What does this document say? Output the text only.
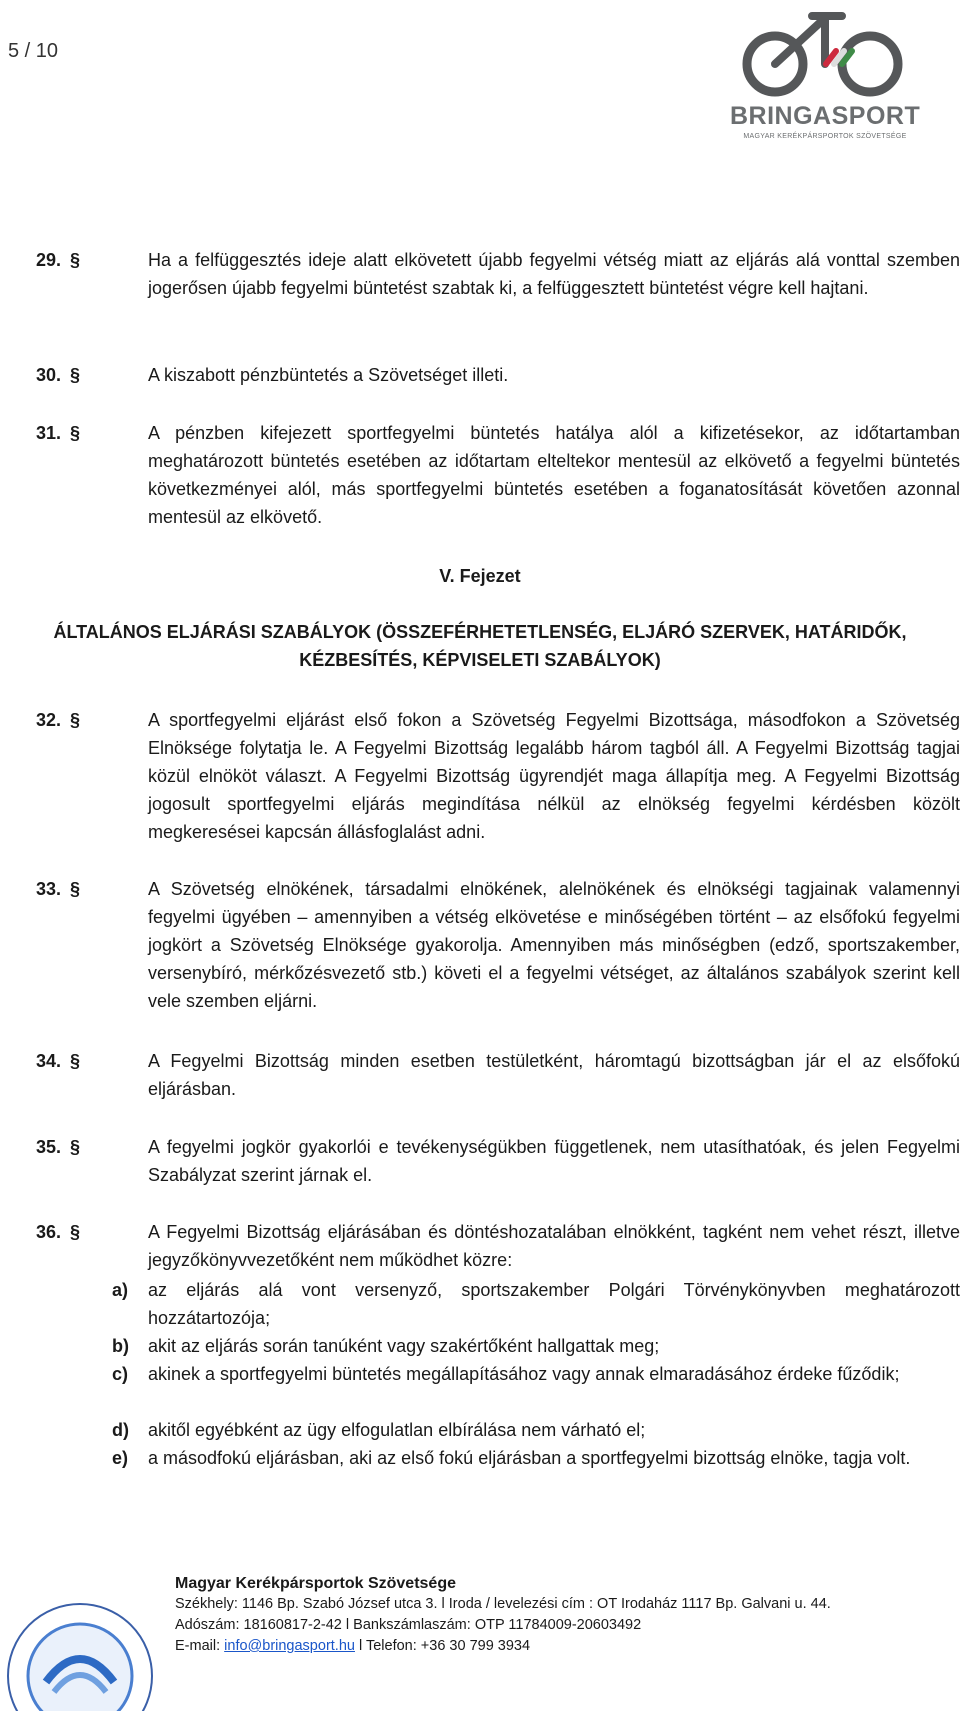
5 / 10
BRINGASPORT
MAGYAR KERÉKPÁRSPORTOK SZÖVETSÉGE
29. §	Ha a felfüggesztés ideje alatt elkövetett újabb fegyelmi vétség miatt az eljárás alá vonttal szemben jogerősen újabb fegyelmi büntetést szabtak ki, a felfüggesztett büntetést végre kell hajtani.
30. §	A kiszabott pénzbüntetés a Szövetséget illeti.
31. §	A pénzben kifejezett sportfegyelmi büntetés hatálya alól a kifizetésekor, az időtartamban meghatározott büntetés esetében az időtartam elteltekor mentesül az elkövető a fegyelmi büntetés következményei alól, más sportfegyelmi büntetés esetében a foganatosítását követően azonnal mentesül az elkövető.
V. Fejezet
ÁLTALÁNOS ELJÁRÁSI SZABÁLYOK (ÖSSZEFÉRHETETLENSÉG, ELJÁRÓ SZERVEK, HATÁRIDŐK,
KÉZBESÍTÉS, KÉPVISELETI SZABÁLYOK)
32. §	A sportfegyelmi eljárást első fokon a Szövetség Fegyelmi Bizottsága, másodfokon a Szövetség Elnöksége folytatja le. A Fegyelmi Bizottság legalább három tagból áll. A Fegyelmi Bizottság tagjai közül elnököt választ. A Fegyelmi Bizottság ügyrendjét maga állapítja meg. A Fegyelmi Bizottság jogosult sportfegyelmi eljárás megindítása nélkül az elnökség fegyelmi kérdésben közölt megkeresései kapcsán állásfoglalást adni.
33. §	A Szövetség elnökének, társadalmi elnökének, alelnökének és elnökségi tagjainak valamennyi fegyelmi ügyében – amennyiben a vétség elkövetése e minőségében történt – az elsőfokú fegyelmi jogkört a Szövetség Elnöksége gyakorolja. Amennyiben más minőségben (edző, sportszakember, versenybíró, mérkőzésvezető stb.) követi el a fegyelmi vétséget, az általános szabályok szerint kell vele szemben eljárni.
34. §	A Fegyelmi Bizottság minden esetben testületként, háromtagú bizottságban jár el az elsőfokú eljárásban.
35. §	A fegyelmi jogkör gyakorlói e tevékenységükben függetlenek, nem utasíthatóak, és jelen Fegyelmi Szabályzat szerint járnak el.
36. §	A Fegyelmi Bizottság eljárásában és döntéshozatalában elnökként, tagként nem vehet részt, illetve jegyzőkönyvvezetőként nem működhet közre:
a) az eljárás alá vont versenyző, sportszakember Polgári Törvénykönyvben meghatározott hozzátartozója;
b) akit az eljárás során tanúként vagy szakértőként hallgattak meg;
c) akinek a sportfegyelmi büntetés megállapításához vagy annak elmaradásához érdeke fűződik;
d) akitől egyébként az ügy elfogulatlan elbírálása nem várható el;
e) a másodfokú eljárásban, aki az első fokú eljárásban a sportfegyelmi bizottság elnöke, tagja volt.
Magyar Kerékpársportok Szövetsége
Székhely: 1146 Bp. Szabó József utca 3. l Iroda / levelezési cím : OT Irodaház 1117 Bp. Galvani u. 44.
Adószám: 18160817-2-42 l Bankszámlaszám: OTP 11784009-20603492
E-mail: info@bringasport.hu l Telefon: +36 30 799 3934
